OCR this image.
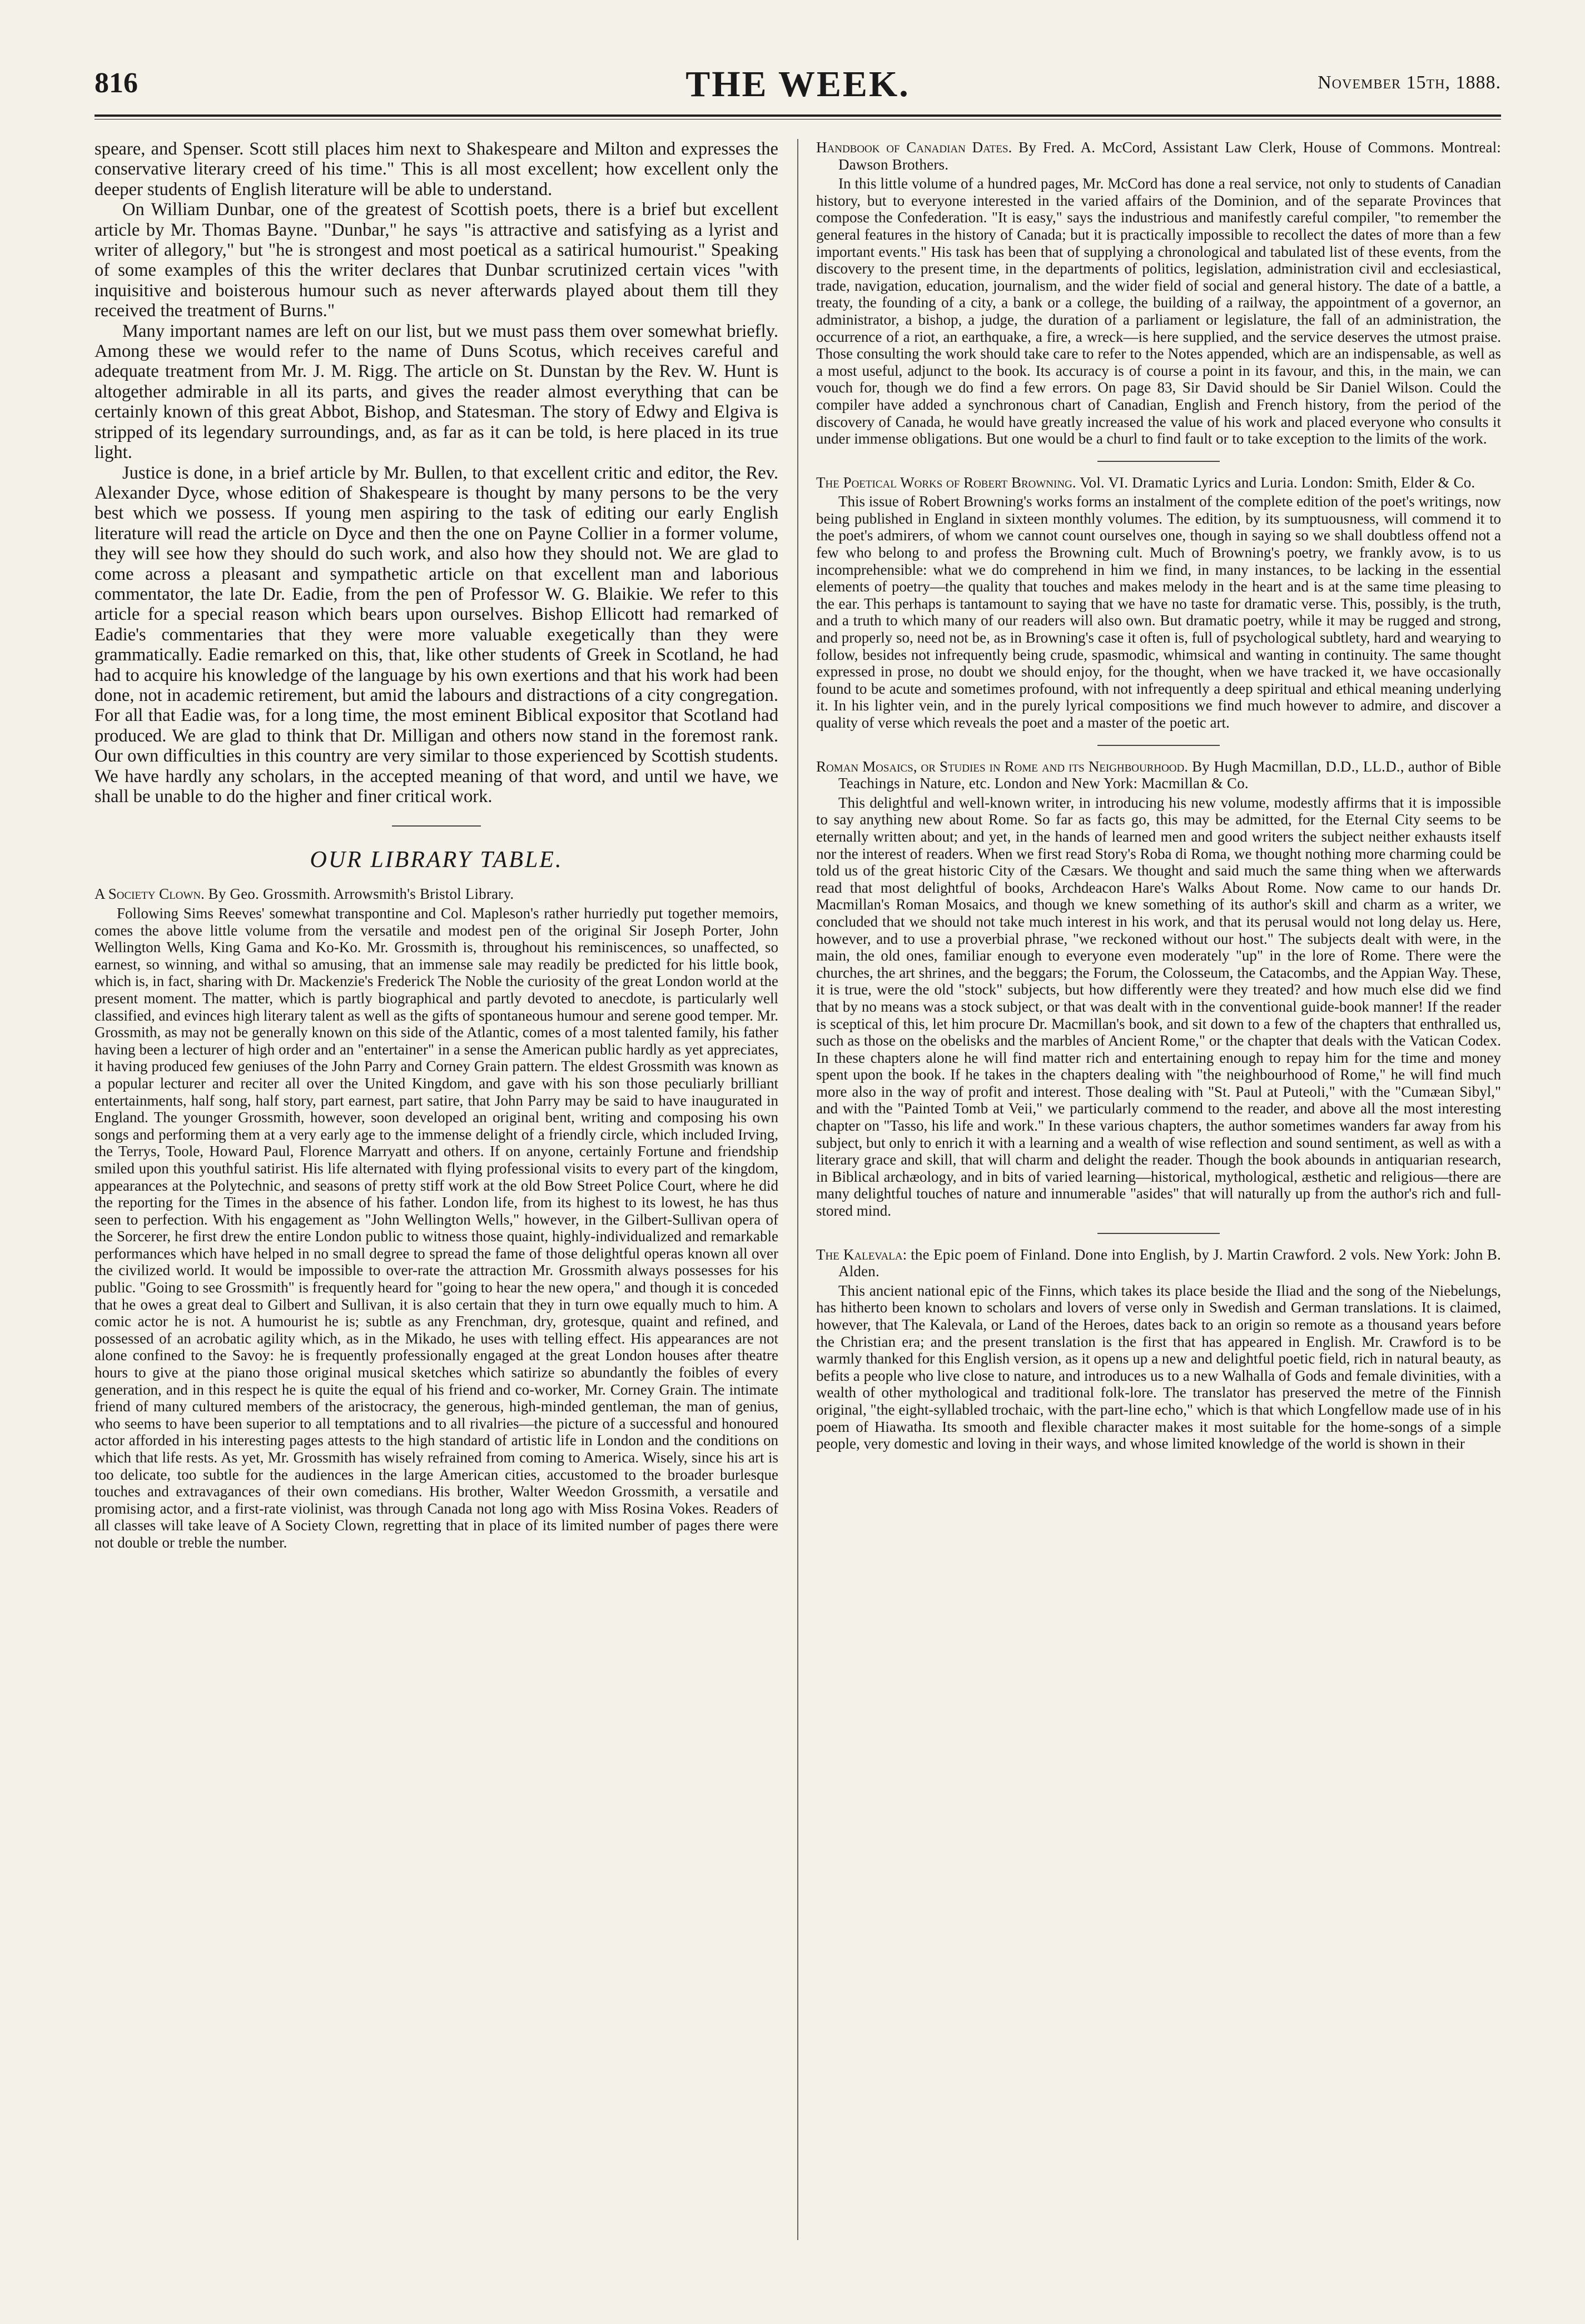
816	THE WEEK.	November 15th, 1888.

speare, and Spenser. Scott still places him next to Shakespeare and Milton and expresses the conservative literary creed of his time." This is all most excellent; how excellent only the deeper students of English literature will be able to understand.

On William Dunbar, one of the greatest of Scottish poets, there is a brief but excellent article by Mr. Thomas Bayne. "Dunbar," he says "is attractive and satisfying as a lyrist and writer of allegory," but "he is strongest and most poetical as a satirical humourist." Speaking of some examples of this the writer declares that Dunbar scrutinized certain vices "with inquisitive and boisterous humour such as never afterwards played about them till they received the treatment of Burns."

Many important names are left on our list, but we must pass them over somewhat briefly. Among these we would refer to the name of Duns Scotus, which receives careful and adequate treatment from Mr. J. M. Rigg. The article on St. Dunstan by the Rev. W. Hunt is altogether admirable in all its parts, and gives the reader almost everything that can be certainly known of this great Abbot, Bishop, and Statesman. The story of Edwy and Elgiva is stripped of its legendary surroundings, and, as far as it can be told, is here placed in its true light.

Justice is done, in a brief article by Mr. Bullen, to that excellent critic and editor, the Rev. Alexander Dyce, whose edition of Shakespeare is thought by many persons to be the very best which we possess. If young men aspiring to the task of editing our early English literature will read the article on Dyce and then the one on Payne Collier in a former volume, they will see how they should do such work, and also how they should not. We are glad to come across a pleasant and sympathetic article on that excellent man and laborious commentator, the late Dr. Eadie, from the pen of Professor W. G. Blaikie. We refer to this article for a special reason which bears upon ourselves. Bishop Ellicott had remarked of Eadie's commentaries that they were more valuable exegetically than they were grammatically. Eadie remarked on this, that, like other students of Greek in Scotland, he had had to acquire his knowledge of the language by his own exertions and that his work had been done, not in academic retirement, but amid the labours and distractions of a city congregation. For all that Eadie was, for a long time, the most eminent Biblical expositor that Scotland had produced. We are glad to think that Dr. Milligan and others now stand in the foremost rank. Our own difficulties in this country are very similar to those experienced by Scottish students. We have hardly any scholars, in the accepted meaning of that word, and until we have, we shall be unable to do the higher and finer critical work.

OUR LIBRARY TABLE.
A Society Clown. By Geo. Grossmith. Arrowsmith's Bristol Library.

Following Sims Reeves' somewhat transpontine and Col. Mapleson's rather hurriedly put together memoirs, comes the above little volume from the versatile and modest pen of the original Sir Joseph Porter, John Wellington Wells, King Gama and Ko-Ko. Mr. Grossmith is, throughout his reminiscences, so unaffected, so earnest, so winning, and withal so amusing, that an immense sale may readily be predicted for his little book, which is, in fact, sharing with Dr. Mackenzie's Frederick The Noble the curiosity of the great London world at the present moment. The matter, which is partly biographical and partly devoted to anecdote, is particularly well classified, and evinces high literary talent as well as the gifts of spontaneous humour and serene good temper. Mr. Grossmith, as may not be generally known on this side of the Atlantic, comes of a most talented family, his father having been a lecturer of high order and an "entertainer" in a sense the American public hardly as yet appreciates, it having produced few geniuses of the John Parry and Corney Grain pattern. The eldest Grossmith was known as a popular lecturer and reciter all over the United Kingdom, and gave with his son those peculiarly brilliant entertainments, half song, half story, part earnest, part satire, that John Parry may be said to have inaugurated in England. The younger Grossmith, however, soon developed an original bent, writing and composing his own songs and performing them at a very early age to the immense delight of a friendly circle, which included Irving, the Terrys, Toole, Howard Paul, Florence Marryatt and others. If on anyone, certainly Fortune and friendship smiled upon this youthful satirist. His life alternated with flying professional visits to every part of the kingdom, appearances at the Polytechnic, and seasons of pretty stiff work at the old Bow Street Police Court, where he did the reporting for the Times in the absence of his father. London life, from its highest to its lowest, he has thus seen to perfection. With his engagement as "John Wellington Wells," however, in the Gilbert-Sullivan opera of the Sorcerer, he first drew the entire London public to witness those quaint, highly-individualized and remarkable performances which have helped in no small degree to spread the fame of those delightful operas known all over the civilized world. It would be impossible to over-rate the attraction Mr. Grossmith always possesses for his public. "Going to see Grossmith" is frequently heard for "going to hear the new opera," and though it is conceded that he owes a great deal to Gilbert and Sullivan, it is also certain that they in turn owe equally much to him. A comic actor he is not. A humourist he is; subtle as any Frenchman, dry, grotesque, quaint and refined, and possessed of an acrobatic agility which, as in the Mikado, he uses with telling effect. His appearances are not alone confined to the Savoy: he is frequently professionally engaged at the great London houses after theatre hours to give at the piano those original musical sketches which satirize so abundantly the foibles of every generation, and in this respect he is quite the equal of his friend and co-worker, Mr. Corney Grain. The intimate friend of many cultured members of the aristocracy, the generous, high-minded gentleman, the man of genius, who seems to have been superior to all temptations and to all rivalries—the picture of a successful and honoured actor afforded in his interesting pages attests to the high standard of artistic life in London and the conditions on which that life rests. As yet, Mr. Grossmith has wisely refrained from coming to America. Wisely, since his art is too delicate, too subtle for the audiences in the large American cities, accustomed to the broader burlesque touches and extravagances of their own comedians. His brother, Walter Weedon Grossmith, a versatile and promising actor, and a first-rate violinist, was through Canada not long ago with Miss Rosina Vokes. Readers of all classes will take leave of A Society Clown, regretting that in place of its limited number of pages there were not double or treble the number.

Handbook of Canadian Dates. By Fred. A. McCord, Assistant Law Clerk, House of Commons. Montreal: Dawson Brothers.

In this little volume of a hundred pages, Mr. McCord has done a real service, not only to students of Canadian history, but to everyone interested in the varied affairs of the Dominion, and of the separate Provinces that compose the Confederation. "It is easy," says the industrious and manifestly careful compiler, "to remember the general features in the history of Canada; but it is practically impossible to recollect the dates of more than a few important events." His task has been that of supplying a chronological and tabulated list of these events, from the discovery to the present time, in the departments of politics, legislation, administration civil and ecclesiastical, trade, navigation, education, journalism, and the wider field of social and general history. The date of a battle, a treaty, the founding of a city, a bank or a college, the building of a railway, the appointment of a governor, an administrator, a bishop, a judge, the duration of a parliament or legislature, the fall of an administration, the occurrence of a riot, an earthquake, a fire, a wreck—is here supplied, and the service deserves the utmost praise. Those consulting the work should take care to refer to the Notes appended, which are an indispensable, as well as a most useful, adjunct to the book. Its accuracy is of course a point in its favour, and this, in the main, we can vouch for, though we do find a few errors. On page 83, Sir David should be Sir Daniel Wilson. Could the compiler have added a synchronous chart of Canadian, English and French history, from the period of the discovery of Canada, he would have greatly increased the value of his work and placed everyone who consults it under immense obligations. But one would be a churl to find fault or to take exception to the limits of the work.

The Poetical Works of Robert Browning. Vol. VI. Dramatic Lyrics and Luria. London: Smith, Elder & Co.

This issue of Robert Browning's works forms an instalment of the complete edition of the poet's writings, now being published in England in sixteen monthly volumes. The edition, by its sumptuousness, will commend it to the poet's admirers, of whom we cannot count ourselves one, though in saying so we shall doubtless offend not a few who belong to and profess the Browning cult. Much of Browning's poetry, we frankly avow, is to us incomprehensible: what we do comprehend in him we find, in many instances, to be lacking in the essential elements of poetry—the quality that touches and makes melody in the heart and is at the same time pleasing to the ear. This perhaps is tantamount to saying that we have no taste for dramatic verse. This, possibly, is the truth, and a truth to which many of our readers will also own. But dramatic poetry, while it may be rugged and strong, and properly so, need not be, as in Browning's case it often is, full of psychological subtlety, hard and wearying to follow, besides not infrequently being crude, spasmodic, whimsical and wanting in continuity. The same thought expressed in prose, no doubt we should enjoy, for the thought, when we have tracked it, we have occasionally found to be acute and sometimes profound, with not infrequently a deep spiritual and ethical meaning underlying it. In his lighter vein, and in the purely lyrical compositions we find much however to admire, and discover a quality of verse which reveals the poet and a master of the poetic art.

Roman Mosaics, or Studies in Rome and its Neighbourhood. By Hugh Macmillan, D.D., LL.D., author of Bible Teachings in Nature, etc. London and New York: Macmillan & Co.

This delightful and well-known writer, in introducing his new volume, modestly affirms that it is impossible to say anything new about Rome. So far as facts go, this may be admitted, for the Eternal City seems to be eternally written about; and yet, in the hands of learned men and good writers the subject neither exhausts itself nor the interest of readers. When we first read Story's Roba di Roma, we thought nothing more charming could be told us of the great historic City of the Cæsars. We thought and said much the same thing when we afterwards read that most delightful of books, Archdeacon Hare's Walks About Rome. Now came to our hands Dr. Macmillan's Roman Mosaics, and though we knew something of its author's skill and charm as a writer, we concluded that we should not take much interest in his work, and that its perusal would not long delay us. Here, however, and to use a proverbial phrase, "we reckoned without our host." The subjects dealt with were, in the main, the old ones, familiar enough to everyone even moderately "up" in the lore of Rome. There were the churches, the art shrines, and the beggars; the Forum, the Colosseum, the Catacombs, and the Appian Way. These, it is true, were the old "stock" subjects, but how differently were they treated? and how much else did we find that by no means was a stock subject, or that was dealt with in the conventional guide-book manner! If the reader is sceptical of this, let him procure Dr. Macmillan's book, and sit down to a few of the chapters that enthralled us, such as those on the obelisks and the marbles of Ancient Rome," or the chapter that deals with the Vatican Codex. In these chapters alone he will find matter rich and entertaining enough to repay him for the time and money spent upon the book. If he takes in the chapters dealing with "the neighbourhood of Rome," he will find much more also in the way of profit and interest. Those dealing with "St. Paul at Puteoli," with the "Cumæan Sibyl," and with the "Painted Tomb at Veii," we particularly commend to the reader, and above all the most interesting chapter on "Tasso, his life and work." In these various chapters, the author sometimes wanders far away from his subject, but only to enrich it with a learning and a wealth of wise reflection and sound sentiment, as well as with a literary grace and skill, that will charm and delight the reader. Though the book abounds in antiquarian research, in Biblical archæology, and in bits of varied learning—historical, mythological, æsthetic and religious—there are many delightful touches of nature and innumerable "asides" that will naturally up from the author's rich and full-stored mind.

The Kalevala: the Epic poem of Finland. Done into English, by J. Martin Crawford. 2 vols. New York: John B. Alden.

This ancient national epic of the Finns, which takes its place beside the Iliad and the song of the Niebelungs, has hitherto been known to scholars and lovers of verse only in Swedish and German translations. It is claimed, however, that The Kalevala, or Land of the Heroes, dates back to an origin so remote as a thousand years before the Christian era; and the present translation is the first that has appeared in English. Mr. Crawford is to be warmly thanked for this English version, as it opens up a new and delightful poetic field, rich in natural beauty, as befits a people who live close to nature, and introduces us to a new Walhalla of Gods and female divinities, with a wealth of other mythological and traditional folk-lore. The translator has preserved the metre of the Finnish original, "the eight-syllabled trochaic, with the part-line echo," which is that which Longfellow made use of in his poem of Hiawatha. Its smooth and flexible character makes it most suitable for the home-songs of a simple people, very domestic and loving in their ways, and whose limited knowledge of the world is shown in their
